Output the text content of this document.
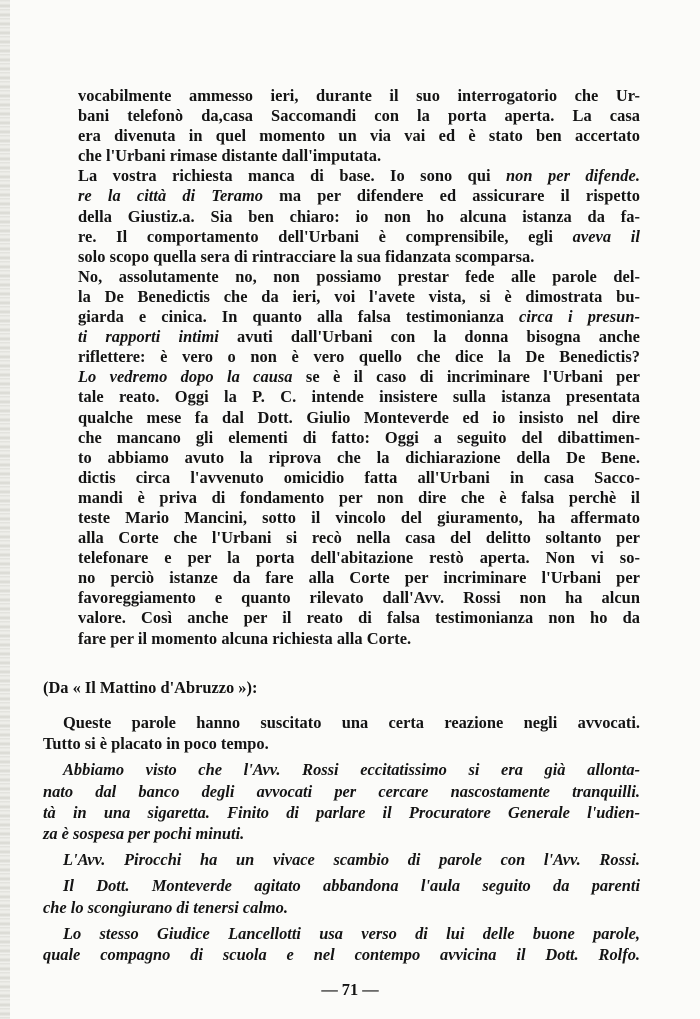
vocabilmente ammesso ieri, durante il suo interrogatorio che Ur-
bani telefonò da,casa Saccomandi con la porta aperta. La casa
era divenuta in quel momento un via vai ed è stato ben accertato
che l'Urbani rimase distante dall'imputata.
La vostra richiesta manca di base. Io sono qui non per difende.
re la città di Teramo ma per difendere ed assicurare il rispetto
della Giustiz.a. Sia ben chiaro: io non ho alcuna istanza da fa-
re. Il comportamento dell'Urbani è comprensibile, egli aveva il
solo scopo quella sera di rintracciare la sua fidanzata scomparsa.
No, assolutamente no, non possiamo prestar fede alle parole del-
la De Benedictis che da ieri, voi l'avete vista, si è dimostrata bu-
giarda e cinica. In quanto alla falsa testimonianza circa i presun-
ti rapporti intimi avuti dall'Urbani con la donna bisogna anche
riflettere: è vero o non è vero quello che dice la De Benedictis?
Lo vedremo dopo la causa se è il caso di incriminare l'Urbani per
tale reato. Oggi la P. C. intende insistere sulla istanza presentata
qualche mese fa dal Dott. Giulio Monteverde ed io insisto nel dire
che mancano gli elementi di fatto: Oggi a seguito del dibattimen-
to abbiamo avuto la riprova che la dichiarazione della De Bene.
dictis circa l'avvenuto omicidio fatta all'Urbani in casa Sacco-
mandi è priva di fondamento per non dire che è falsa perchè il
teste Mario Mancini, sotto il vincolo del giuramento, ha affermato
alla Corte che l'Urbani si recò nella casa del delitto soltanto per
telefonare e per la porta dell'abitazione restò aperta. Non vi so-
no perciò istanze da fare alla Corte per incriminare l'Urbani per
favoreggiamento e quanto rilevato dall'Avv. Rossi non ha alcun
valore. Così anche per il reato di falsa testimonianza non ho da
fare per il momento alcuna richiesta alla Corte.
(Da « Il Mattino d'Abruzzo »):
Queste parole hanno suscitato una certa reazione negli avvocati.
Tutto si è placato in poco tempo.
Abbiamo visto che l'Avv. Rossi eccitatissimo si era già allonta-
nato dal banco degli avvocati per cercare nascostamente tranquilli.
tà in una sigaretta. Finito di parlare il Procuratore Generale l'udien-
za è sospesa per pochi minuti.
L'Avv. Pirocchi ha un vivace scambio di parole con l'Avv. Rossi.
Il Dott. Monteverde agitato abbandona l'aula seguito da parenti
che lo scongiurano di tenersi calmo.
Lo stesso Giudice Lancellotti usa verso di lui delle buone parole,
quale compagno di scuola e nel contempo avvicina il Dott. Rolfo.
— 71 —
